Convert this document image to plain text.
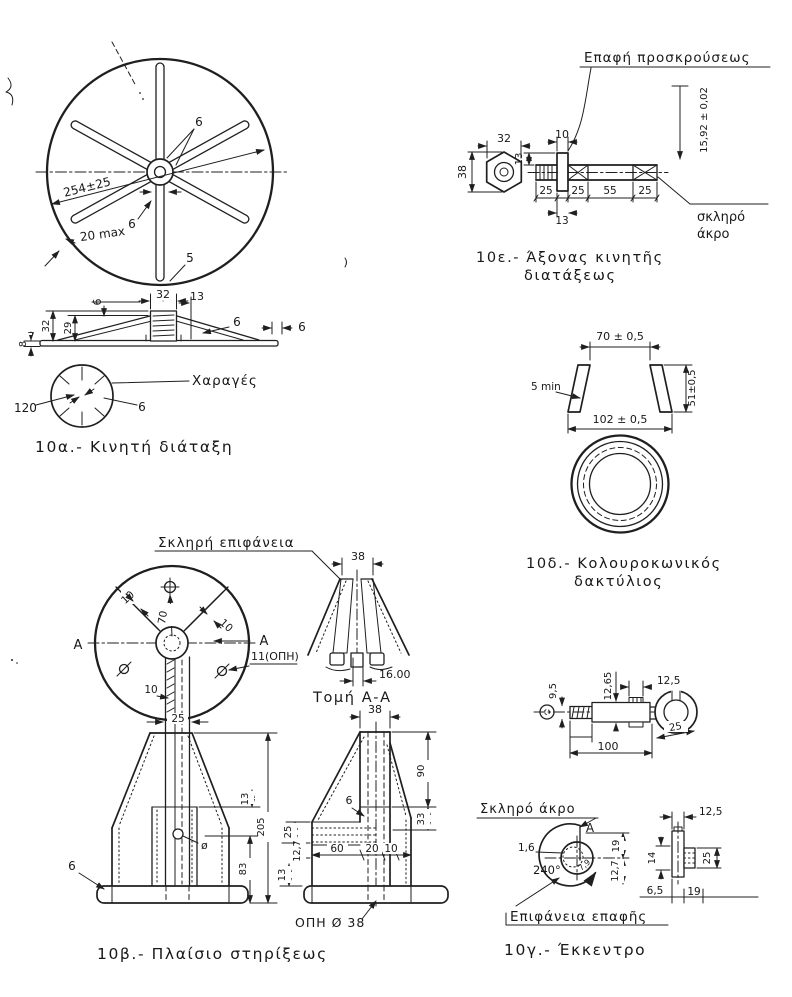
254±25
6
6
20 max
5
32 13
6
8
32 29	6	6
Χαραγές
120	6
10α.- Κινητή διάταξη
Επαφή προσκρούσεως
32
38
13
10	15,92 ± 0,02
25 25 55 25
13	σκληρό
άκρο
10ε.- Άξονας κινητῆς
διατάξεως
70 ± 0,5
5 min	51±0,5
102 ± 0,5
10δ.- Κολουροκωνικός
δακτύλιος
Σκληρή επιφάνεια
A	A
70
10
10
11(ΟΠΗ)
10
25
38
16.00
Τομή Α-Α
ø
6
13
83
205
38
6
90
33
25
12,7
13
60 20 10
ΟΠΗ Ø 38
10β.- Πλαίσιο στηρίξεως
9,5	12,65	12,5
100
25
Σκληρό άκρο
A
19
12,7
1,6
240° 7,9
Επιφάνεια επαφῆς
12,5
25
14
6,5 19
10γ.- Έκκεντρο
